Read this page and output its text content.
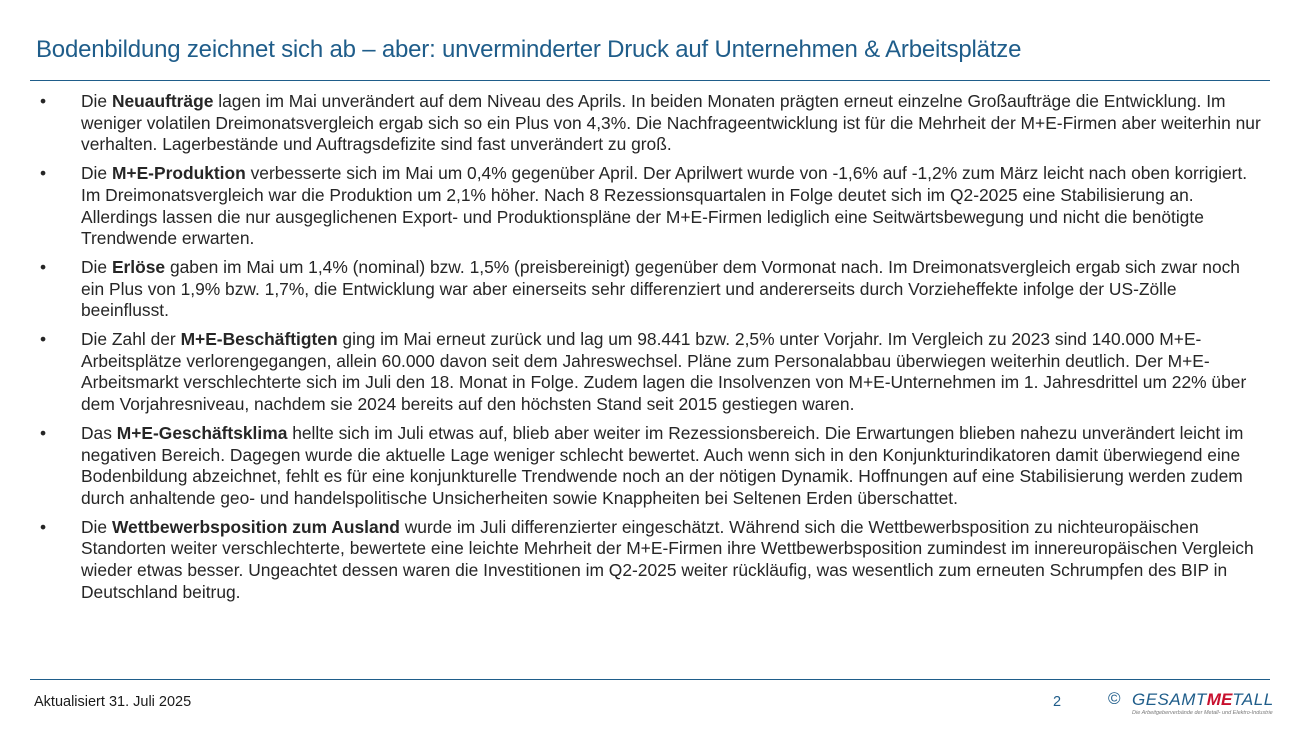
Bodenbildung zeichnet sich ab – aber: unverminderter Druck auf Unternehmen & Arbeitsplätze
•	Die Neuaufträge lagen im Mai unverändert auf dem Niveau des Aprils. In beiden Monaten prägten erneut einzelne Großaufträge die Entwicklung. Im weniger volatilen Dreimonatsvergleich ergab sich so ein Plus von 4,3%. Die Nachfrageentwicklung ist für die Mehrheit der M+E-Firmen aber weiterhin nur verhalten. Lagerbestände und Auftragsdefizite sind fast unverändert zu groß.
•	Die M+E-Produktion verbesserte sich im Mai um 0,4% gegenüber April. Der Aprilwert wurde von -1,6% auf -1,2% zum März leicht nach oben korrigiert. Im Dreimonatsvergleich war die Produktion um 2,1% höher. Nach 8 Rezessionsquartalen in Folge deutet sich im Q2-2025 eine Stabilisierung an. Allerdings lassen die nur ausgeglichenen Export- und Produktionspläne der M+E-Firmen lediglich eine Seitwärtsbewegung und nicht die benötigte Trendwende erwarten.
•	Die Erlöse gaben im Mai um 1,4% (nominal) bzw. 1,5% (preisbereinigt) gegenüber dem Vormonat nach. Im Dreimonatsvergleich ergab sich zwar noch ein Plus von 1,9% bzw. 1,7%, die Entwicklung war aber einerseits sehr differenziert und andererseits durch Vorzieheffekte infolge der US-Zölle beeinflusst.
•	Die Zahl der M+E-Beschäftigten ging im Mai erneut zurück und lag um 98.441 bzw. 2,5% unter Vorjahr. Im Vergleich zu 2023 sind 140.000 M+E-Arbeitsplätze verlorengegangen, allein 60.000 davon seit dem Jahreswechsel. Pläne zum Personalabbau überwiegen weiterhin deutlich. Der M+E-Arbeitsmarkt verschlechterte sich im Juli den 18. Monat in Folge. Zudem lagen die Insolvenzen von M+E-Unternehmen im 1. Jahresdrittel um 22% über dem Vorjahresniveau, nachdem sie 2024 bereits auf den höchsten Stand seit 2015 gestiegen waren.
•	Das M+E-Geschäftsklima hellte sich im Juli etwas auf, blieb aber weiter im Rezessionsbereich. Die Erwartungen blieben nahezu unverändert leicht im negativen Bereich. Dagegen wurde die aktuelle Lage weniger schlecht bewertet. Auch wenn sich in den Konjunkturindikatoren damit überwiegend eine Bodenbildung abzeichnet, fehlt es für eine konjunkturelle Trendwende noch an der nötigen Dynamik. Hoffnungen auf eine Stabilisierung werden zudem durch anhaltende geo- und handelspolitische Unsicherheiten sowie Knappheiten bei Seltenen Erden überschattet.
•	Die Wettbewerbsposition zum Ausland wurde im Juli differenzierter eingeschätzt. Während sich die Wettbewerbsposition zu nichteuropäischen Standorten weiter verschlechterte, bewertete eine leichte Mehrheit der M+E-Firmen ihre Wettbewerbsposition zumindest im innereuropäischen Vergleich wieder etwas besser. Ungeachtet dessen waren die Investitionen im Q2-2025 weiter rückläufig, was wesentlich zum erneuten Schrumpfen des BIP in Deutschland beitrug.
Aktualisiert 31. Juli 2025	2	© GESAMTMETALL
Die Arbeitgeberverbände der Metall- und Elektro-Industrie
